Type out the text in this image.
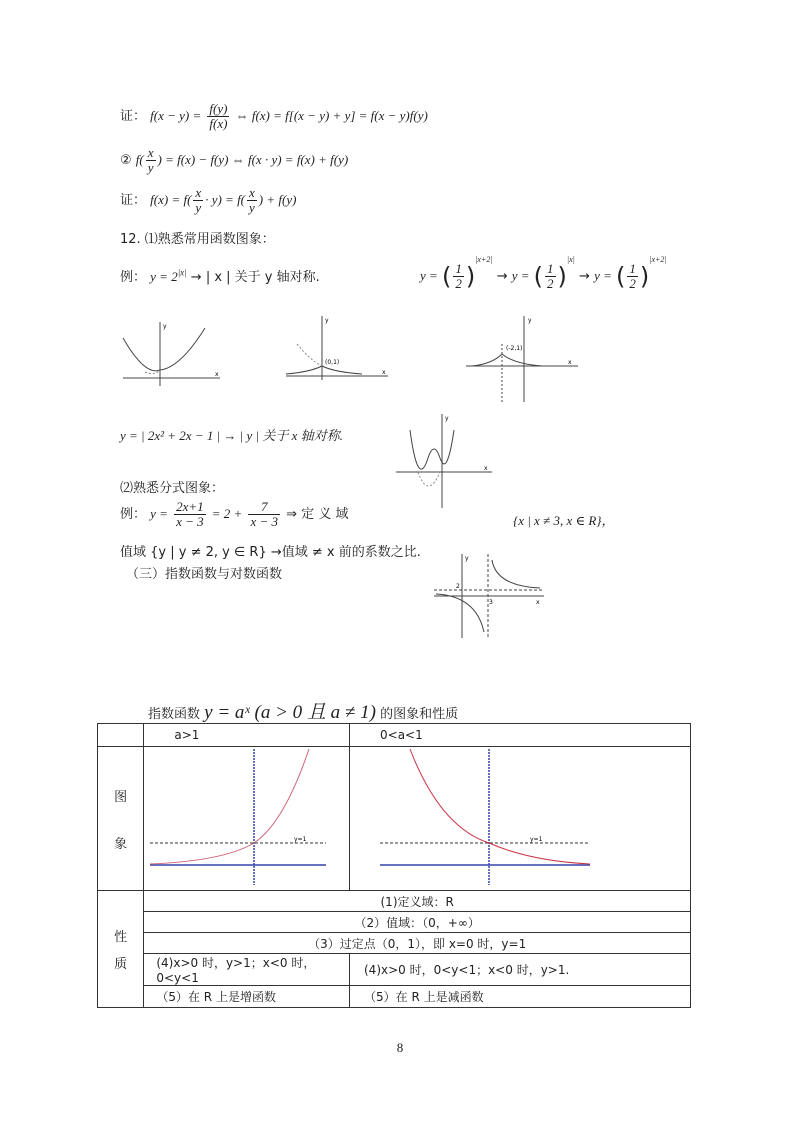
证： $f(x - y) = \frac{f(y)}{f(x)}$ ⇔ f(x) = f[(x − y) + y] = f(x − y)f(y)
② $f( \frac{x}{y}$ ) = f(x) − f(y) ⇔ f(x · y) = f(x) + f(y)
证： $f(x) = f( \frac{x}{y} \cdot y) = f( \frac{x}{y}$ ) + f(y)
12. ⑴熟悉常用函数图象：
例： $y = 2^{|x|}$ → | x | 关于 y 轴对称.	y = ( $\frac{1}{2} )^{|x+2|} \to y$ = ( $\frac{1}{2} )^{|x|} \to y$ = ( $\frac{1}{2} )^{|x+2|}$
y
x
y
x
(0,1)
y
x
(-2,1)
y = | 2x² + 2x − 1 | → | y | 关于 x 轴对称.
y
x
⑵熟悉分式图象：
例： $y = \frac{2x+1}{x - 3} = 2 + \frac{7}{x - 3}$ ⇒ 定 义 域	{x | x ≠ 3, x ∈ R}，
值域 {y | y ≠ 2, y ∈ R} →值域 ≠ x 前的系数之比.
（三）指数函数与对数函数
y
x
2
3
指数函数 y = aˣ (a > 0 且 a ≠ 1) 的图象和性质
	a>1	0<a<1

图
象	y=1	y=1

性
质	(1)定义域：R	
	（2）值域：（0，+∞）	
	（3）过定点（0，1），即 x=0 时，y=1	
	(4)x>0 时，y>1；x<0 时，0<y<1	(4)x>0 时，0<y<1；x<0 时，y>1.
	（5）在 R 上是增函数	（5）在 R 上是减函数
8
